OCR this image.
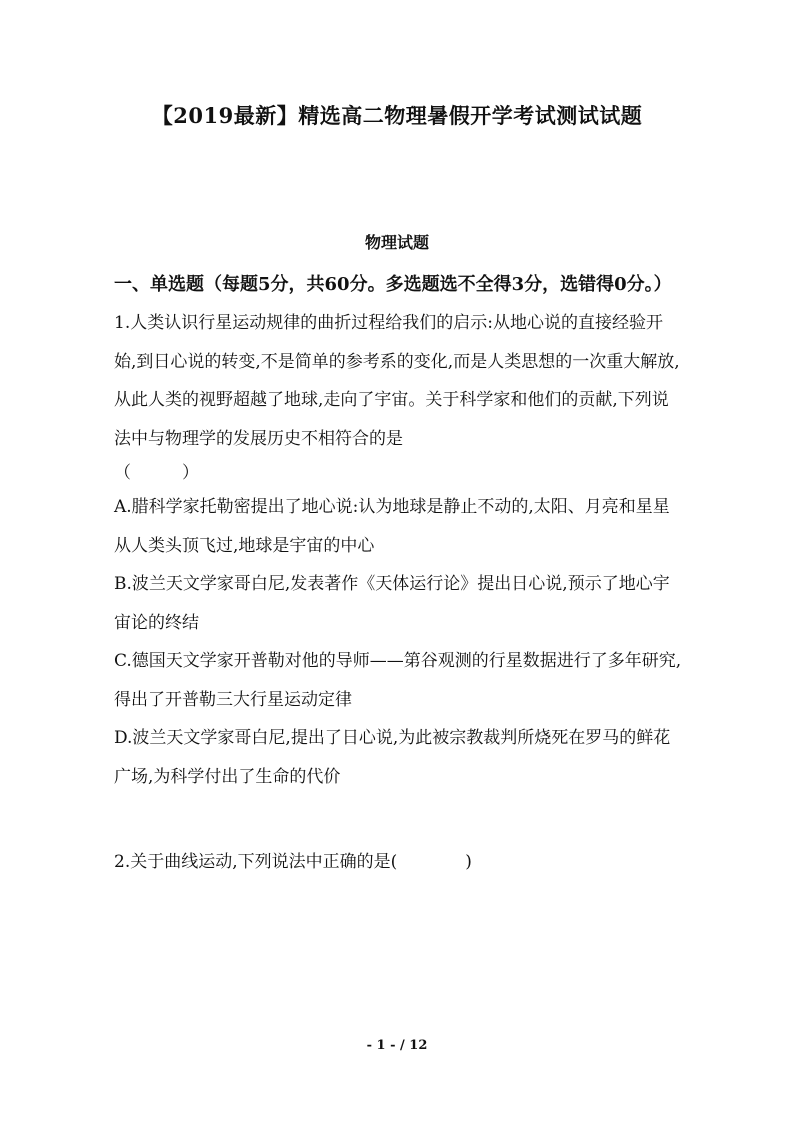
【2019最新】精选高二物理暑假开学考试测试试题
物理试题

一、单选题（每题5分，共60分。多选题选不全得3分，选错得0分。）

1.人类认识行星运动规律的曲折过程给我们的启示:从地心说的直接经验开始,到日心说的转变,不是简单的参考系的变化,而是人类思想的一次重大解放,从此人类的视野超越了地球,走向了宇宙。关于科学家和他们的贡献,下列说法中与物理学的发展历史不相符合的是

（　　　）

A.腊科学家托勒密提出了地心说:认为地球是静止不动的,太阳、月亮和星星从人类头顶飞过,地球是宇宙的中心

B.波兰天文学家哥白尼,发表著作《天体运行论》提出日心说,预示了地心宇宙论的终结

C.德国天文学家开普勒对他的导师——第谷观测的行星数据进行了多年研究,得出了开普勒三大行星运动定律

D.波兰天文学家哥白尼,提出了日心说,为此被宗教裁判所烧死在罗马的鲜花广场,为科学付出了生命的代价

2.关于曲线运动,下列说法中正确的是(　　　　)

- 1 - / 12
